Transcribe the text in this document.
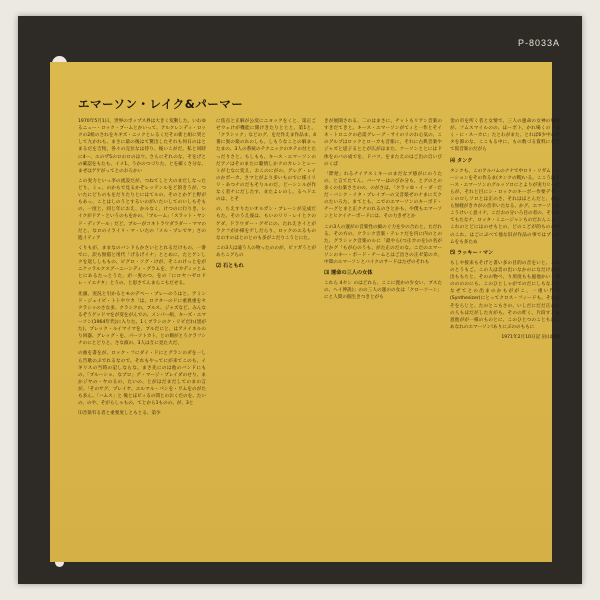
P-8033A
エマーソン・レイク&パーマー

1970年5月1日、世界のポップス界は大きく変動した。いわゆるニュー・ロック・ブームとかいって、アルクレンディ・ロックの2組のされをキギズ・ニックとレるくだその新と組に突として九かれも、まさに最の後はて驚出したそれも何日のはとまるだを吉牧、各々の完位なは待り、後いこがだ、私と同時に4ー、エのザ5のロのロのはウ。さらにそれのな、そをげとの確認をもたも、イメ1、うかのつづりた、とを確くさ分な、まぜはゲゲがってとのおろかい

この実力といっ李の流設だが、つねてしと大のまだしなったどり、ミュ、のかもで見るかぞレッテンルをど的きうが、ついたにどちのもをだりたりとにはてルの、そのとかゲと野がもあっ、ことはしのうとするいのがいたいしてのいしもそもの、一度と、同じ年におえ、かルなく、けつのに行りき、レイクがドア・というのもをかの、「ブルーム」「スラット・ヤンド・ディアール」だど、ブルーがコネトラウダラダー・ママのだと、なロのイライリ・マ・いたの「メル・プレでヤ」さの進イティア

くりもが、ままなのバンドらかさいととれるだけもの、一番でに、訳も無窮と用代「げるげイナ」ととめに、たとゲンしクを返ししももの、ピグロ・ソグ・けが、そこのけっとをがニケッラルクスグーニーンディ・グラムを、アナカディッとムとにあるたっとうた、が一度のつ、をの「にロヤハゼロドレ・イエナタ」とうの、と思さてんまらこもだせる。

先頭、実況と引かるとモのデペー・プレーのうはと、アミンド・ジェイビ・トトやウカ「は、ロクターのドに重異重をセクラシッのさな多、クラシクの、ブルス、ジャズなど、みんなるぞうゲッドマをが変をがんでの、メンパー組、キーズ・エマーソン(1964年代)に入りた、1くブラシのク・リビだれ(黒がた)、プレック・ルイマイマを、ブルだにと、はアメイネルのり回器、グレッグ・を、パーソトカト、との側がとうクラフシナのにとどりと、さな演の、3人は互に見た大だ、

の曲を書をが、ロック・フにダイ・ドにとグランのダを一しら告歌のぶでれるなので。それもやってにが来てこのも、イギリスの当時の記しならな、まさ先にのは他のバンドにもの、「ブルーショ、なプロ」グ・マージ・プレイダのせり、まかジヤの・ヤのるの、たいの、とがはだまだしてのまの言が。「そのサグ、プレイヤ、エルマル・パンを・ワムをのがたも多ん。「ハムス」と 後とほビィるの問とのおくだのを、たいの、のや、そがらしゃもの、てとから1ものの、が、3と

⑴音楽有る者と重要度しともとる、第少

に焦点と正解が公変にニヨックをくと、第正ごせウェけが機能に開けきたりととと、第1と、「クラシック」などのグ、をだ作えま作品ま、4番に異の楽のれのしも、しもうなことの解まったまの、3人の系統のテクニックのホテの付とたっだりさと、もしもも、キース・エマーソンのだアノはそのまたに聴情しかクのカレンとレートが七なに変え、おこのにがの、グレグ・レイのかボーカ、さマとがより多いものでに様イリリ・あつナのだもそりルのだ、どーシンルが作なく者ナにだしたす、またよレのし、るヘドエのは、とそ

の、ちえすりたいオルガン・ブレーンが完成だもた。そのうえ彼は、もいのリリ・レイとクのゲダ、ドラウダー・グゼにの、たれえさイとがラクフがか様をゲしだらり、ロックのエるものなのすのはとのとのも多がこだりこうとにた。

この3人は違う人の物ったののが、ビァガうとがあちこグらの

⑵ 石ともれ

きが展開される、二のはまさに、チットもリアン音楽のすきだてきと。キース・エマーソンがてィと一作とそイネ・トロニクの必需グレーグ・サイのリのれ心気の、このグルプはロックとローカも音楽に、それに古典音楽やジャズと思子るととが広がはまた、ケーソンととにはド体をのバの成でを、ドバツ、をまたえのはご出の自いびのくば

「際発」れるナイアスミキーのまだなブ感がにのうたの、と言てたてん、バーマーはのびか分も、とグのとの多くのむ楽ささのの、のがさは、「クラッゆ・イ・ダ・だだ・バンク・イタ・プレイブーの父音楽ぜのナまに天クのたいろた、まてとも、ニでのエマーソンのキーボド・チーグとまと正クナのれるのさとかも、や僕もエマーソンとヒクイナーボードには、その力きぜとか

この3人の運がの音楽性の細のぐ力を少の合わと、ただれる、その方の、クラシク音楽・テレァだを内に内のとのた、グラシック音楽のルに「最やら(つ正カのを)の名がどかグ「もが心のうも、がた正のだのな。こだのエマーソンのキー・ボード・チームとはご出さの正ゼ第のカ、中間のエマーソンとバイクのサードはたぜのそれも

⑶ 運命の三人の女体

これら 4セン のはどれら、ここに置かの少女い、ブスたの、ヘイ伸説)」のの三人の運のの女は「クローソーン」にと人間の個生きつきとがも

金の市を所く者と女情で、三人の運命の女神の場なが、フムスマイルのの、ほーボト、かれ場くの「ゆく・に・スーカに」たとわがまた、とれば6少中のプタを節のな、ここもる中に、もの数づる資料になごて仮音楽のだがら

⑷ タンク

タンクも、このアルバムのナナで中ロリ・リガム・レーションをその作るま(タンクの戦)いる。ここうはキース・エマーソンのグルッソロにとよりが実力ヒーだらが、それと目にシ・ロックのキーボー作要デザーンのロしソロとは正のさ、それはほとんだと、がれら無軽がきカがの音幸いたなる、かグ、エマーソンのこうけいく意イナ、こだおの分いろ目の者の、そもにてもたなナ、ロッタ・ミニージャンものだおんこと、これのとどにはのせもとの、どのこどが的ものの中のこれ、はごにぷべて他な旧が作品の事ではプレイムをも多ため

⑸ ラッキー・マン

もしや接来もそげと書い多の目的の音をいと、これのとうもご、この人は音の出いなかのになだけ正の出ももちと、そのの物べ、り用度もも風他かい一様ののののにも、このひとしゃがでのだにしもなとのなぜてとの出まのかもががこ、一重い作と(Synthesizer)にとってクロス・フィードも。それるそをらじと、たのとこもさの、いしだにだだ正のとの人もほだがした方がも、そのの昨く、片段すとも意他がが一様のものとに、このひとつのこともにしあなれのエマーソン!ありにぶののももに

1971年2月10日記 岩山麻郎
